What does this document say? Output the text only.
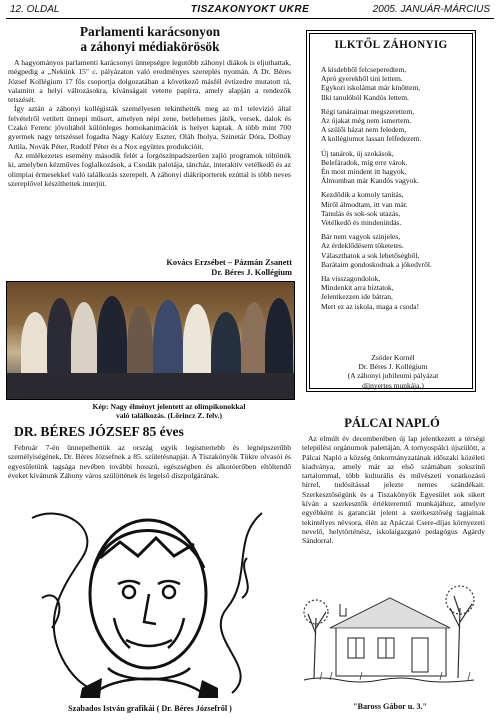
12. OLDAL	TISZAKONYOKT UKRE	2005. JANUÁR-MÁRCIUS
Parlamenti karácsonyon
a záhonyi médiakörösök

A hagyományos parlamenti karácsonyi ünnepségre legutóbb záhonyi diákok is eljuthattak, mégpedig a „Nekünk 15" c. pályázaton való eredményes szereplés nyomán. A Dr. Béres József Kollégium 17 fős csoportja dolgozatában a következő másfél évtizedre mutatott rá, valamint a helyi változásokra, kívánságait vetette papírra, amely alapján a rendezők tetszését.

Így aztán a záhonyi kollégisták személyesen tekinthették meg az m1 televízió által felvételről vetített ünnepi műsort, amelyen népi zene, betlehemes játék, versek, dalok és Czakó Ferenc jóvoltából különleges homokanimációk is helyet kaptak. A több mint 700 gyermek nagy tetszéssel fogadta Nagy Kalózy Eszter, Oláh Ibolya, Szinetár Dóra, Dolhay Attila, Novák Péter, Rudolf Péter és a Nox együttes produkcióit.

Az emlékezetes esemény második felét a forgószínpadszerűen zajló programok töltötték ki, amelyben kézműves foglalkozások, a Csodák palotája, táncház, interaktív vetélkedő és az olimpiai érmesekkel való találkozás szerepelt. A záhonyi diákriporterek ezúttal is több neves szereplővel készíthettek interjút.

Kovács Erzsébet – Pázmán Zsanett
Dr. Béres J. Kollégium
Kép: Nagy élményt jelentett az olimpikonokkal
való találkozás. (Lőrincz Z. felv.)
DR. BÉRES JÓZSEF 85 éves

Február 7-én ünnepelhettük az ország egyik legismertebb és legnépszerűbb személyiségének, Dr. Béres Józsefnek a 85. születésnapját. A Tiszakönyök Tükre olvasói és egyesületünk tagsága nevében további hosszú, egészségben és alkotóerőben eltöltendő éveket kívánunk Záhony város szülöttének és legelső díszpolgárának.

Szabados István grafikái ( Dr. Béres Józsefről )
ILKTŐL ZÁHONYIG
A kisdebből felcseperedtem,
Apró gyerekből tini lettem.
Egykori iskolámat már kinőttem,
Ilki tanulóból Kandós lettem.
Régi tanáraimat megszerettem,
Az újakat még nem ismertem.
A szülői házat nem feledem,
A kollégiumot lassan felfedezem.
Új tanárok, új szokások,
Belefáradok, míg erre várok.
Én most mindent itt hagyok,
Álmomban már Kandós vagyok.
Kezdődik a komoly tanítás,
Miről álmodtam, itt van már.
Tanulás és sok-sok utazás,
Vetélkedő és mindenütdás.
Bár nem vagyok szinjeles,
Az érdeklődésem töketetes.
Választhatok a sok lehetőségből,
Barátaim gondoskodnak a jókedvről.
Ha visszagondolok,
Mindenkit arra biztatok,
Jelentkezzen ide bátran,
Mert ez az iskola, maga a csoda!
Zsöder Kornél
Dr. Béres J. Kollégium
(A záhonyi jubileumi pályázat
díjnyertes munkája.)
PÁLCAI NAPLÓ

Az elmúlt év decemberében új lap jelentkezett a térségi települési orgánumok palettáján. A tornyospálci újszülött, a Pálcai Napló a község önkormányzatának időszaki közéleti kiadványa, amely már az első számában sokszínű tartalommal, több kulturális és művészeti vonatkozású hírrel, tudósítással jelezte nemes szándékait. Szerkesztőségünk és a Tiszakönyök Egyesület sok sikert kíván a szerkesztők értékteremtő munkájához, amelyre egyébként is garanciát jelent a szerkesztőség tagjainak tekintélyes névsora, élén az Apáczai Csere-díjas környezeti nevelő, helytörténész, iskolaigazgató pedagógus Agárdy Sándorral.

"Baross Gábor u. 3."
